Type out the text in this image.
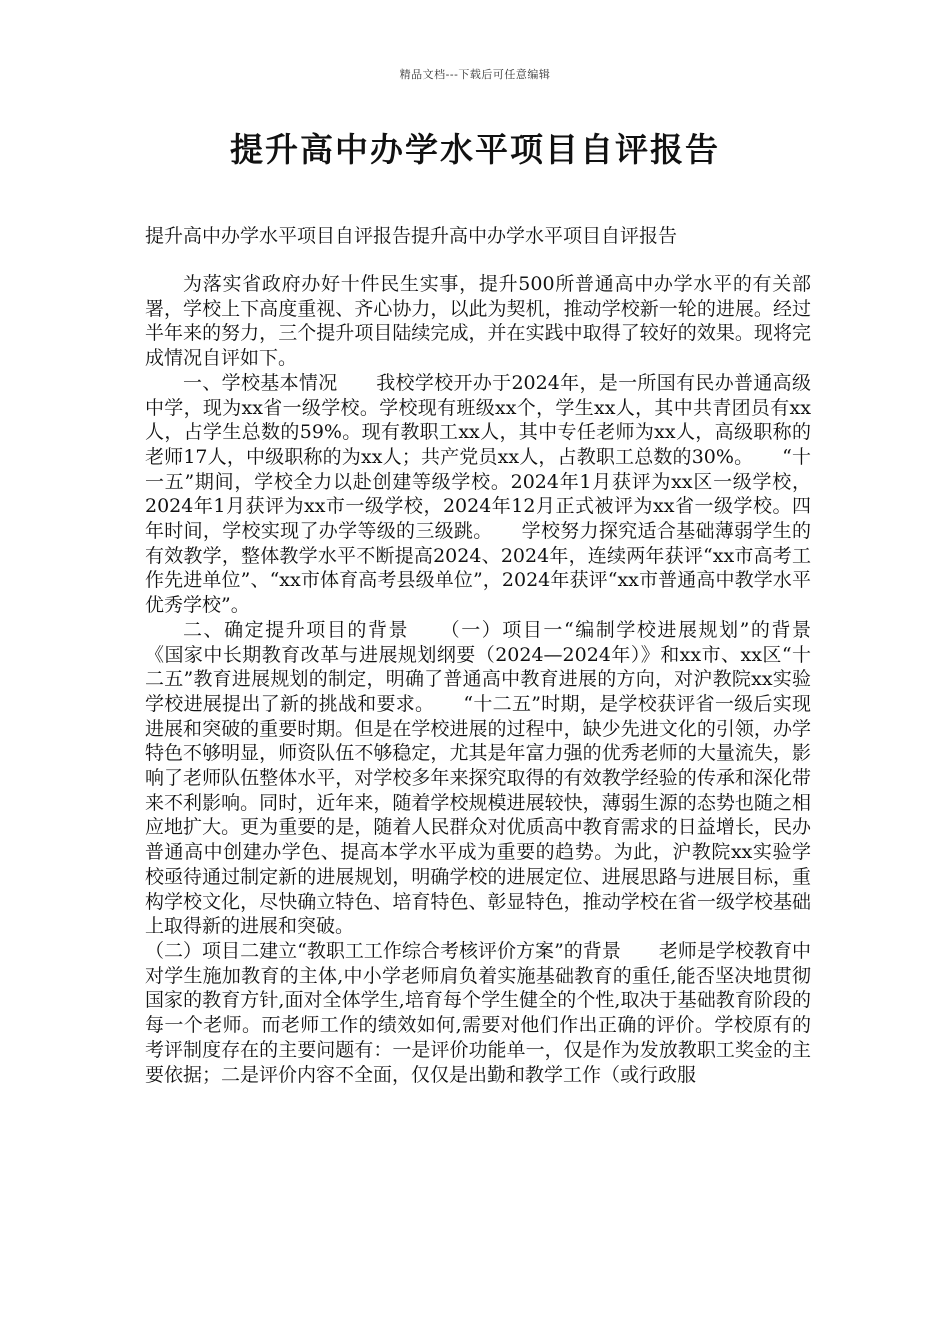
精品文档---下载后可任意编辑
提升高中办学水平项目自评报告

提升高中办学水平项目自评报告提升高中办学水平项目自评报告

为落实省政府办好十件民生实事，提升500所普通高中办学水平的有关部署，学校上下高度重视、齐心协力，以此为契机，推动学校新一轮的进展。经过半年来的努力，三个提升项目陆续完成，并在实践中取得了较好的效果。现将完成情况自评如下。

一、学校基本情况　　我校学校开办于2024年，是一所国有民办普通高级中学，现为xx省一级学校。学校现有班级xx个，学生xx人，其中共青团员有xx人，占学生总数的59%。现有教职工xx人，其中专任老师为xx人，高级职称的老师17人，中级职称的为xx人；共产党员xx人，占教职工总数的30%。　　“十一五”期间，学校全力以赴创建等级学校。2024年1月获评为xx区一级学校，2024年1月获评为xx市一级学校，2024年12月正式被评为xx省一级学校。四年时间，学校实现了办学等级的三级跳。　　学校努力探究适合基础薄弱学生的有效教学，整体教学水平不断提高2024、2024年，连续两年获评“xx市高考工作先进单位”、“xx市体育高考县级单位”，2024年获评“xx市普通高中教学水平优秀学校”。

二、确定提升项目的背景　　（一）项目一“编制学校进展规划”的背景　　《国家中长期教育改革与进展规划纲要（2024—2024年）》和xx市、xx区“十二五”教育进展规划的制定，明确了普通高中教育进展的方向，对沪教院xx实验学校进展提出了新的挑战和要求。　　“十二五”时期，是学校获评省一级后实现进展和突破的重要时期。但是在学校进展的过程中，缺少先进文化的引领，办学特色不够明显，师资队伍不够稳定，尤其是年富力强的优秀老师的大量流失，影响了老师队伍整体水平，对学校多年来探究取得的有效教学经验的传承和深化带来不利影响。同时，近年来，随着学校规模进展较快，薄弱生源的态势也随之相应地扩大。更为重要的是，随着人民群众对优质高中教育需求的日益增长，民办普通高中创建办学色、提高本学水平成为重要的趋势。为此，沪教院xx实验学校亟待通过制定新的进展规划，明确学校的进展定位、进展思路与进展目标，重构学校文化，尽快确立特色、培育特色、彰显特色，推动学校在省一级学校基础上取得新的进展和突破。

（二）项目二建立“教职工工作综合考核评价方案”的背景　　老师是学校教育中对学生施加教育的主体,中小学老师肩负着实施基础教育的重任,能否坚决地贯彻国家的教育方针,面对全体学生,培育每个学生健全的个性,取决于基础教育阶段的每一个老师。而老师工作的绩效如何,需要对他们作出正确的评价。学校原有的考评制度存在的主要问题有：一是评价功能单一，仅是作为发放教职工奖金的主要依据；二是评价内容不全面，仅仅是出勤和教学工作（或行政服
